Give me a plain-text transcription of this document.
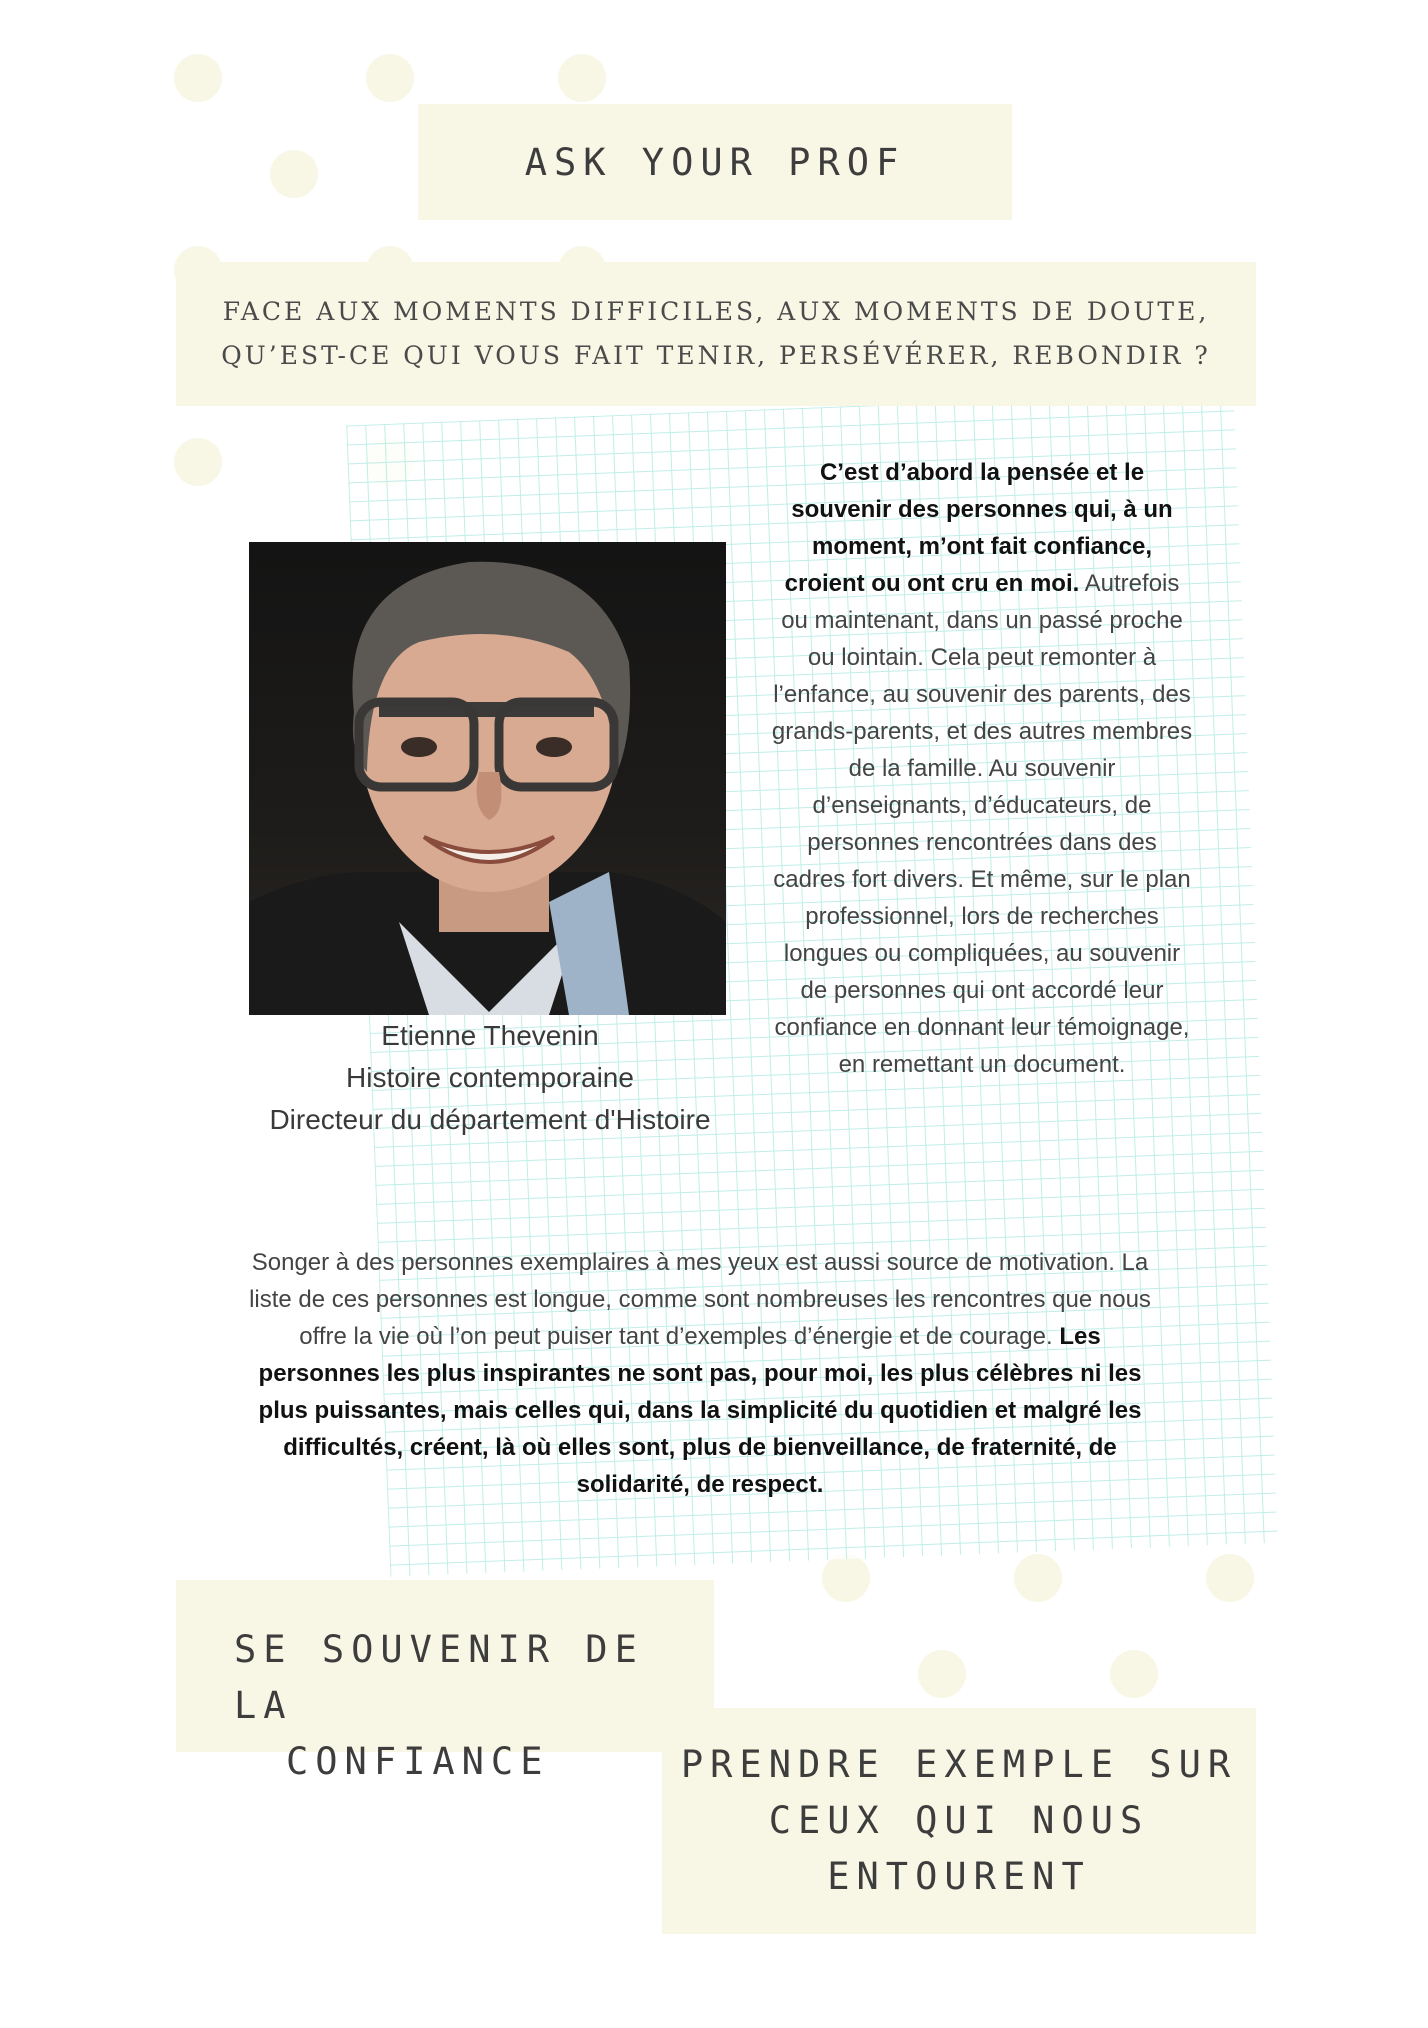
ASK YOUR PROF
FACE AUX MOMENTS DIFFICILES, AUX MOMENTS DE DOUTE,
QU’EST-CE QUI VOUS FAIT TENIR, PERSÉVÉRER, REBONDIR ?
Etienne Thevenin
Histoire contemporaine
Directeur du département d'Histoire
C’est d’abord la pensée et le souvenir des personnes qui, à un moment, m’ont fait confiance, croient ou ont cru en moi. Autrefois ou maintenant, dans un passé proche ou lointain. Cela peut remonter à l’enfance, au souvenir des parents, des grands-parents, et des autres membres de la famille. Au souvenir d’enseignants, d’éducateurs, de personnes rencontrées dans des cadres fort divers. Et même, sur le plan professionnel, lors de recherches longues ou compliquées, au souvenir de personnes qui ont accordé leur confiance en donnant leur témoignage, en remettant un document.
Songer à des personnes exemplaires à mes yeux est aussi source de motivation. La liste de ces personnes est longue, comme sont nombreuses les rencontres que nous offre la vie où l’on peut puiser tant d’exemples d’énergie et de courage. Les personnes les plus inspirantes ne sont pas, pour moi, les plus célèbres ni les plus puissantes, mais celles qui, dans la simplicité du quotidien et malgré les difficultés, créent, là où elles sont, plus de bienveillance, de fraternité, de solidarité, de respect.
SE SOUVENIR DE LA
CONFIANCE	PRENDRE EXEMPLE SUR
CEUX QUI NOUS
ENTOURENT
